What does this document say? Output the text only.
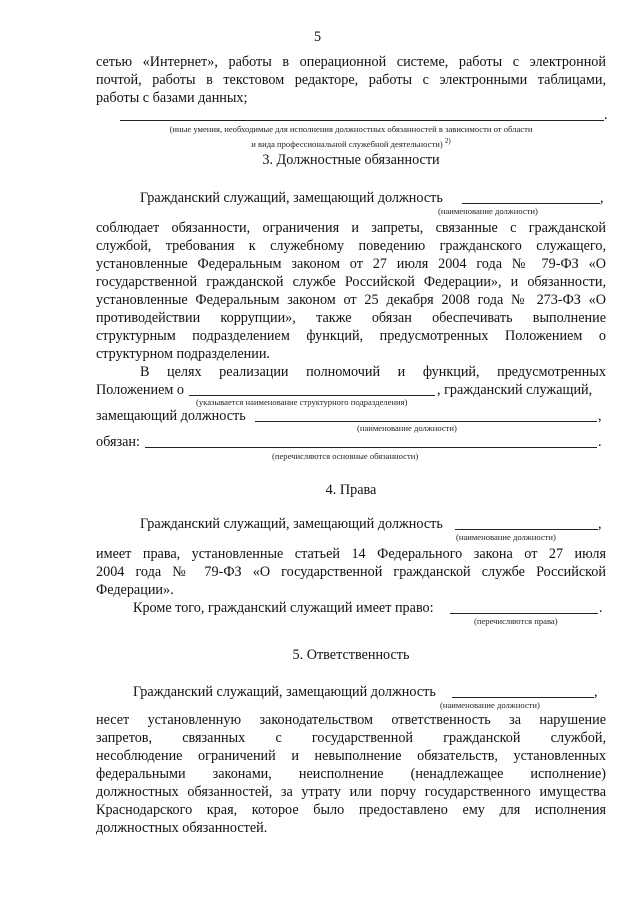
5
сетью «Интернет», работы в операционной системе, работы с электронной
почтой, работы в текстовом редакторе, работы с электронными таблицами,
работы с базами данных;
.
(иные умения, необходимые для исполнения должностных обязанностей в зависимости от области
и вида профессиональной служебной деятельности) $^{2)}$
3. Должностные обязанности
Гражданский служащий, замещающий должность	,
(наименование должности)
соблюдает обязанности, ограничения и запреты, связанные с гражданской
службой, требования к служебному поведению гражданского служащего,
установленные Федеральным законом от 27 июля 2004 года № 79-ФЗ «О
государственной гражданской службе Российской Федерации», и обязанности,
установленные Федеральным законом от 25 декабря 2008 года № 273-ФЗ «О
противодействии коррупции», также обязан обеспечивать выполнение
структурным подразделением функций, предусмотренных Положением о
структурном подразделении.
В целях реализации полномочий и функций, предусмотренных
Положением о	, гражданский служащий,
(указывается наименование структурного подразделения)
замещающий должность	,
(наименование должности)
обязан:	.
(перечисляются основные обязанности)
4. Права
Гражданский служащий, замещающий должность	,
(наименование должности)
имеет права, установленные статьей 14 Федерального закона от 27 июля
2004 года № 79-ФЗ «О государственной гражданской службе Российской
Федерации».
Кроме того, гражданский служащий имеет право:	.
(перечисляются права)
5. Ответственность
Гражданский служащий, замещающий должность	,
(наименование должности)
несет установленную законодательством ответственность за нарушение
запретов, связанных с государственной гражданской службой,
несоблюдение ограничений и невыполнение обязательств, установленных
федеральными законами, неисполнение (ненадлежащее исполнение)
должностных обязанностей, за утрату или порчу государственного имущества
Краснодарского края, которое было предоставлено ему для исполнения
должностных обязанностей.
